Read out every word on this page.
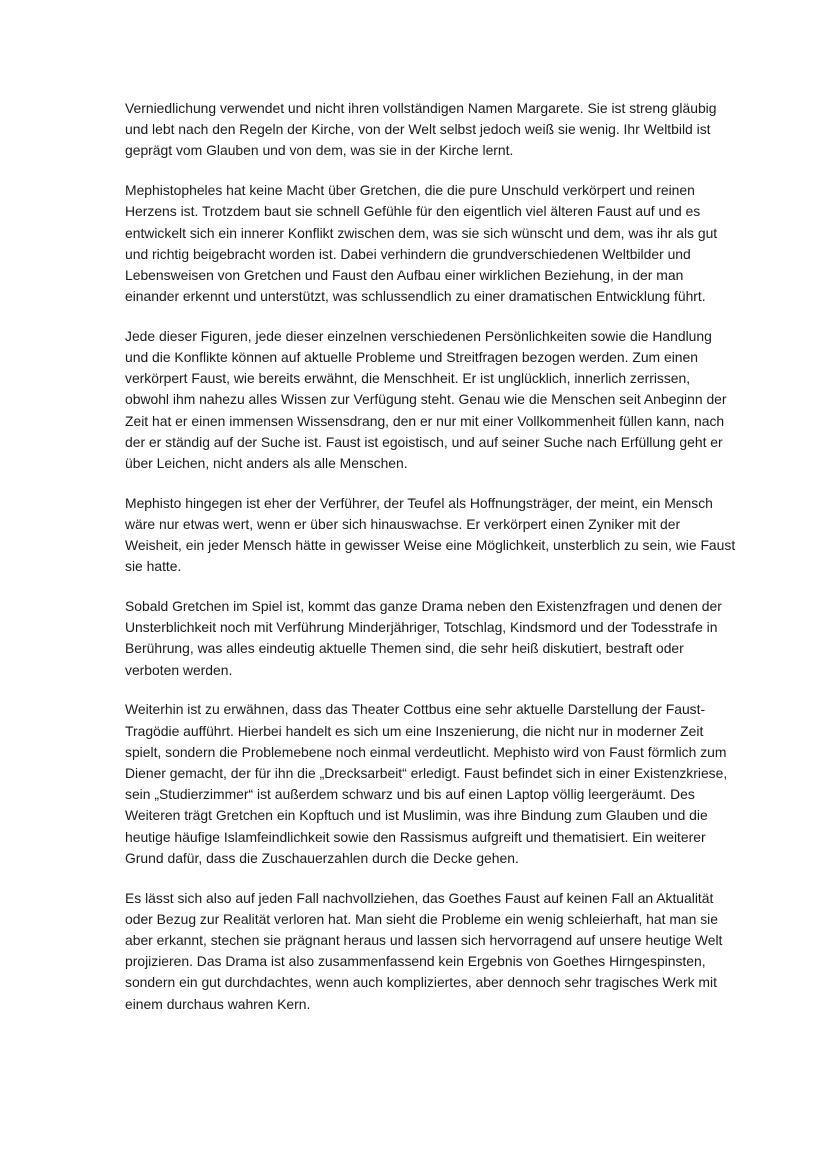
Verniedlichung verwendet und nicht ihren vollständigen Namen Margarete. Sie ist streng gläubig und lebt nach den Regeln der Kirche, von der Welt selbst jedoch weiß sie wenig. Ihr Weltbild ist geprägt vom Glauben und von dem, was sie in der Kirche lernt.

Mephistopheles hat keine Macht über Gretchen, die die pure Unschuld verkörpert und reinen Herzens ist. Trotzdem baut sie schnell Gefühle für den eigentlich viel älteren Faust auf und es entwickelt sich ein innerer Konflikt zwischen dem, was sie sich wünscht und dem, was ihr als gut und richtig beigebracht worden ist. Dabei verhindern die grundverschiedenen Weltbilder und Lebensweisen von Gretchen und Faust den Aufbau einer wirklichen Beziehung, in der man einander erkennt und unterstützt, was schlussendlich zu einer dramatischen Entwicklung führt.

Jede dieser Figuren, jede dieser einzelnen verschiedenen Persönlichkeiten sowie die Handlung und die Konflikte können auf aktuelle Probleme und Streitfragen bezogen werden. Zum einen verkörpert Faust, wie bereits erwähnt, die Menschheit. Er ist unglücklich, innerlich zerrissen, obwohl ihm nahezu alles Wissen zur Verfügung steht. Genau wie die Menschen seit Anbeginn der Zeit hat er einen immensen Wissensdrang, den er nur mit einer Vollkommenheit füllen kann, nach der er ständig auf der Suche ist. Faust ist egoistisch, und auf seiner Suche nach Erfüllung geht er über Leichen, nicht anders als alle Menschen.

Mephisto hingegen ist eher der Verführer, der Teufel als Hoffnungsträger, der meint, ein Mensch wäre nur etwas wert, wenn er über sich hinauswachse. Er verkörpert einen Zyniker mit der Weisheit, ein jeder Mensch hätte in gewisser Weise eine Möglichkeit, unsterblich zu sein, wie Faust sie hatte.

Sobald Gretchen im Spiel ist, kommt das ganze Drama neben den Existenzfragen und denen der Unsterblichkeit noch mit Verführung Minderjähriger, Totschlag, Kindsmord und der Todesstrafe in Berührung, was alles eindeutig aktuelle Themen sind, die sehr heiß diskutiert, bestraft oder verboten werden.

Weiterhin ist zu erwähnen, dass das Theater Cottbus eine sehr aktuelle Darstellung der Faust-Tragödie aufführt. Hierbei handelt es sich um eine Inszenierung, die nicht nur in moderner Zeit spielt, sondern die Problemebene noch einmal verdeutlicht. Mephisto wird von Faust förmlich zum Diener gemacht, der für ihn die „Drecksarbeit“ erledigt. Faust befindet sich in einer Existenzkriese, sein „Studierzimmer“ ist außerdem schwarz und bis auf einen Laptop völlig leergeräumt. Des Weiteren trägt Gretchen ein Kopftuch und ist Muslimin, was ihre Bindung zum Glauben und die heutige häufige Islamfeindlichkeit sowie den Rassismus aufgreift und thematisiert. Ein weiterer Grund dafür, dass die Zuschauerzahlen durch die Decke gehen.

Es lässt sich also auf jeden Fall nachvollziehen, das Goethes Faust auf keinen Fall an Aktualität oder Bezug zur Realität verloren hat. Man sieht die Probleme ein wenig schleierhaft, hat man sie aber erkannt, stechen sie prägnant heraus und lassen sich hervorragend auf unsere heutige Welt projizieren. Das Drama ist also zusammenfassend kein Ergebnis von Goethes Hirngespinsten, sondern ein gut durchdachtes, wenn auch kompliziertes, aber dennoch sehr tragisches Werk mit einem durchaus wahren Kern.
